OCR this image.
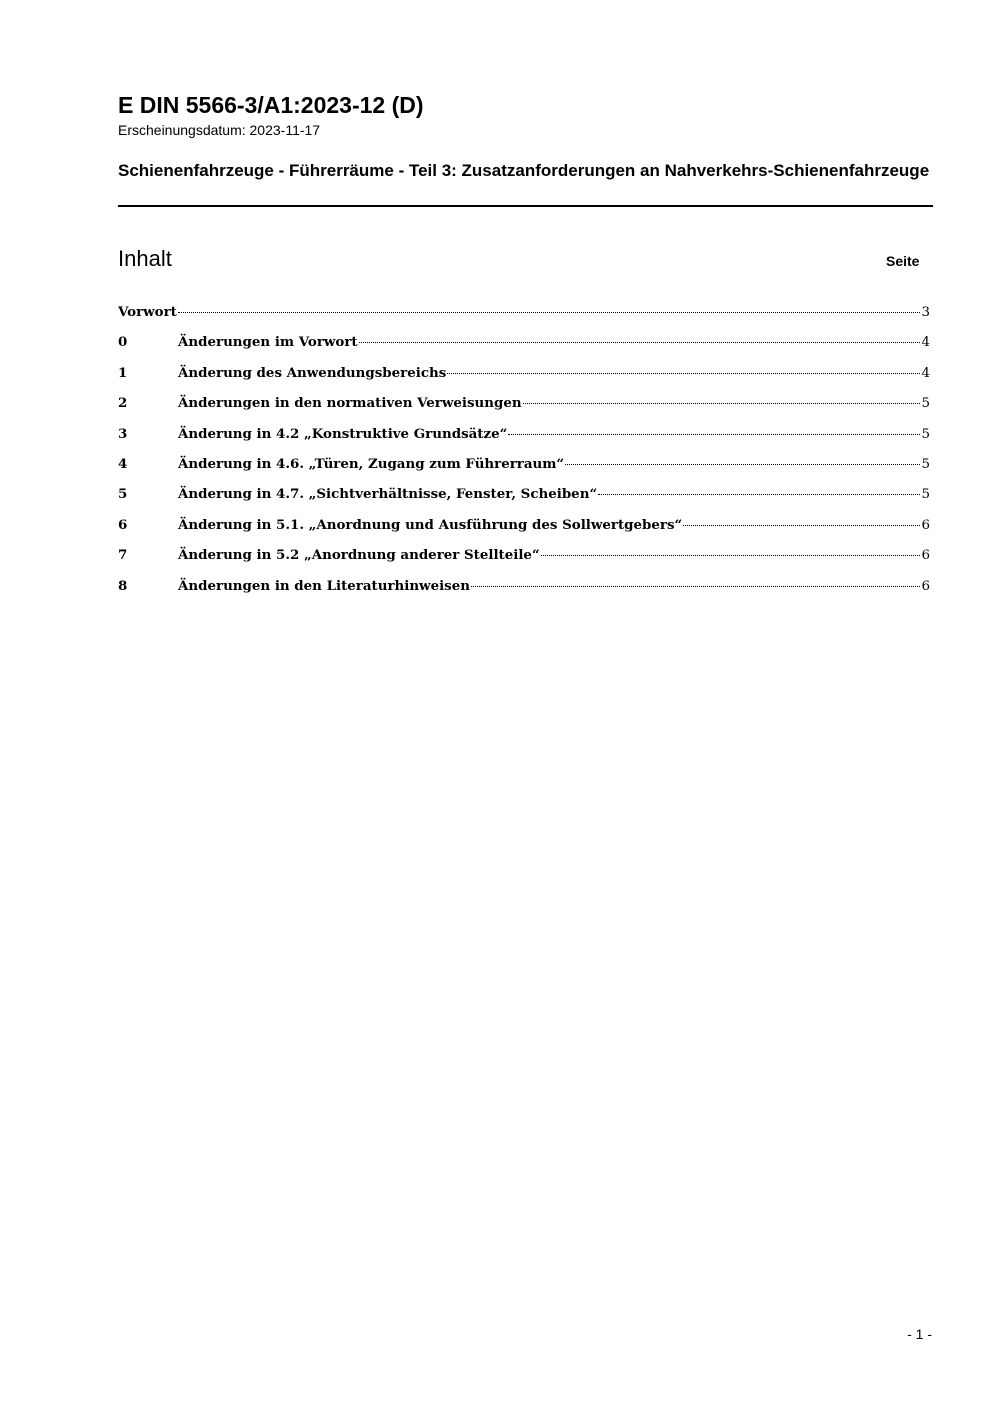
E DIN 5566-3/A1:2023-12 (D)
Erscheinungsdatum: 2023-11-17
Schienenfahrzeuge - Führerräume - Teil 3: Zusatzanforderungen an Nahverkehrs-Schienenfahrzeuge
Inhalt	Seite
Vorwort	3
0	Änderungen im Vorwort	4
1	Änderung des Anwendungsbereichs	4
2	Änderungen in den normativen Verweisungen	5
3	Änderung in 4.2 „Konstruktive Grundsätze“	5
4	Änderung in 4.6. „Türen, Zugang zum Führerraum“	5
5	Änderung in 4.7. „Sichtverhältnisse, Fenster, Scheiben“	5
6	Änderung in 5.1. „Anordnung und Ausführung des Sollwertgebers“	6
7	Änderung in 5.2 „Anordnung anderer Stellteile“	6
8	Änderungen in den Literaturhinweisen	6
- 1 -
